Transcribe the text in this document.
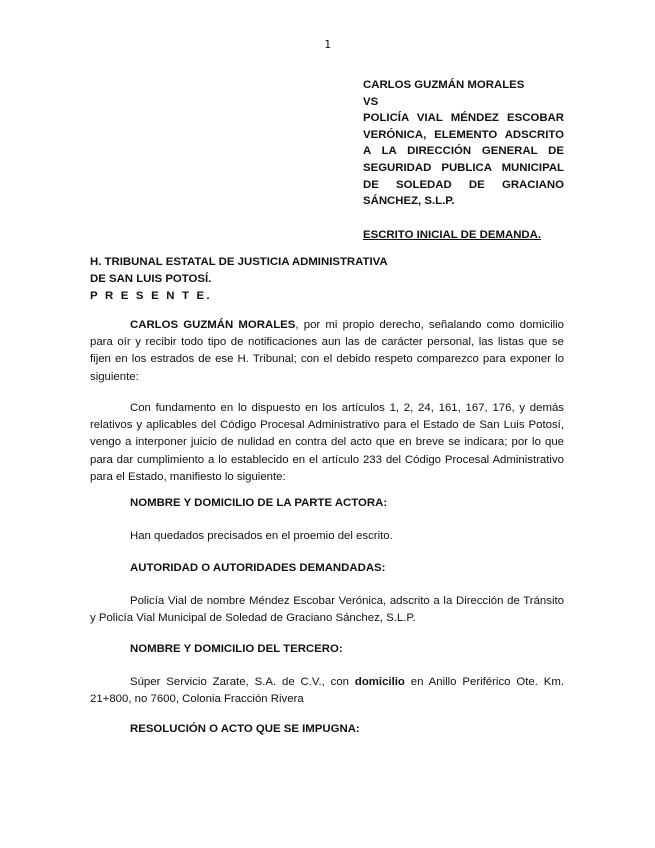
1
CARLOS GUZMÁN MORALES
VS
POLICÍA VIAL MÉNDEZ ESCOBAR
VERÓNICA, ELEMENTO ADSCRITO
A LA DIRECCIÓN GENERAL DE
SEGURIDAD PUBLICA MUNICIPAL
DE SOLEDAD DE GRACIANO
SÁNCHEZ, S.L.P.
ESCRITO INICIAL DE DEMANDA.
H. TRIBUNAL ESTATAL DE JUSTICIA ADMINISTRATIVA
DE SAN LUIS POTOSÍ.
P R E S E N T E.
CARLOS GUZMÁN MORALES, por mi propio derecho, señalando como domicilio para oír y recibir todo tipo de notificaciones aun las de carácter personal, las listas que se fijen en los estrados de ese H. Tribunal; con el debido respeto comparezco para exponer lo siguiente:
Con fundamento en lo dispuesto en los artículos 1, 2, 24, 161, 167, 176, y demás relativos y aplicables del Código Procesal Administrativo para el Estado de San Luis Potosí, vengo a interponer juicio de nulidad en contra del acto que en breve se indicara; por lo que para dar cumplimiento a lo establecido en el artículo 233 del Código Procesal Administrativo para el Estado, manifiesto lo siguiente:
NOMBRE Y DOMICILIO DE LA PARTE ACTORA:
Han quedados precisados en el proemio del escrito.
AUTORIDAD O AUTORIDADES DEMANDADAS:
Policía Vial de nombre Méndez Escobar Verónica, adscrito a la Dirección de Tránsito y Policía Vial Municipal de Soledad de Graciano Sánchez, S.L.P.
NOMBRE Y DOMICILIO DEL TERCERO:
Súper Servicio Zarate, S.A. de C.V., con domicilio en Anillo Periférico Ote. Km. 21+800, no 7600, Colonia Fracción Rivera
RESOLUCIÓN O ACTO QUE SE IMPUGNA:
